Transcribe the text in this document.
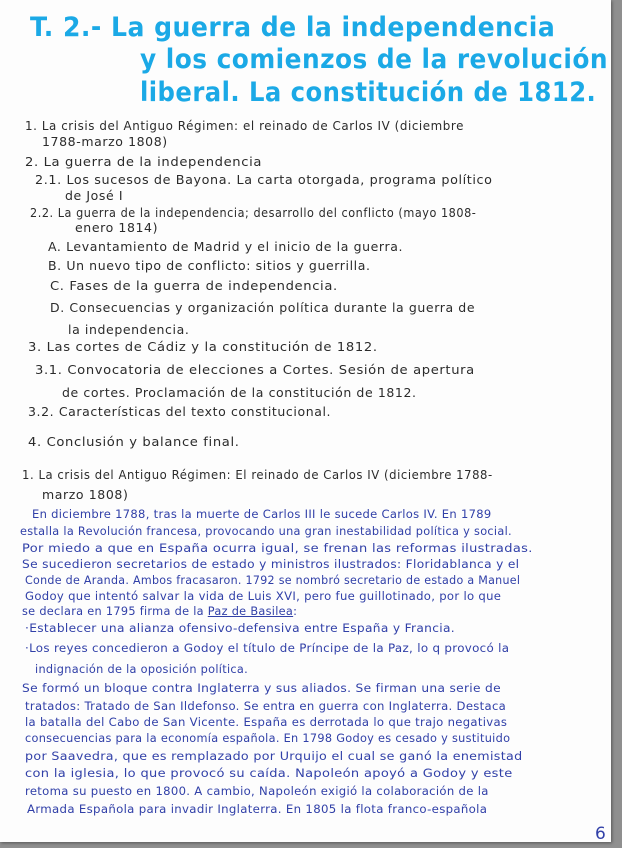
T. 2.- La guerra de la independencia
y los comienzos de la revolución
liberal. La constitución de 1812.
1. La crisis del Antiguo Régimen: el reinado de Carlos IV (diciembre
1788-marzo 1808)
2. La guerra de la independencia
2.1. Los sucesos de Bayona. La carta otorgada, programa político
de José I
2.2. La guerra de la independencia; desarrollo del conflicto (mayo 1808-
enero 1814)
A. Levantamiento de Madrid y el inicio de la guerra.
B. Un nuevo tipo de conflicto: sitios y guerrilla.
C. Fases de la guerra de independencia.
D. Consecuencias y organización política durante la guerra de
la independencia.
3. Las cortes de Cádiz y la constitución de 1812.
3.1. Convocatoria de elecciones a Cortes. Sesión de apertura
de cortes. Proclamación de la constitución de 1812.
3.2. Características del texto constitucional.
4. Conclusión y balance final.
1. La crisis del Antiguo Régimen: El reinado de Carlos IV (diciembre 1788-
marzo 1808)
En diciembre 1788, tras la muerte de Carlos III le sucede Carlos IV. En 1789
estalla la Revolución francesa, provocando una gran inestabilidad política y social.
Por miedo a que en España ocurra igual, se frenan las reformas ilustradas.
Se sucedieron secretarios de estado y ministros ilustrados: Floridablanca y el
Conde de Aranda. Ambos fracasaron. 1792 se nombró secretario de estado a Manuel
Godoy que intentó salvar la vida de Luis XVI, pero fue guillotinado, por lo que
se declara en 1795 firma de la Paz de Basilea:
·Establecer una alianza ofensivo-defensiva entre España y Francia.
·Los reyes concedieron a Godoy el título de Príncipe de la Paz, lo q provocó la
indignación de la oposición política.
Se formó un bloque contra Inglaterra y sus aliados. Se firman una serie de
tratados: Tratado de San Ildefonso. Se entra en guerra con Inglaterra. Destaca
la batalla del Cabo de San Vicente. España es derrotada lo que trajo negativas
consecuencias para la economía española. En 1798 Godoy es cesado y sustituido
por Saavedra, que es remplazado por Urquijo el cual se ganó la enemistad
con la iglesia, lo que provocó su caída. Napoleón apoyó a Godoy y este
retoma su puesto en 1800. A cambio, Napoleón exigió la colaboración de la
Armada Española para invadir Inglaterra. En 1805 la flota franco-española
6
